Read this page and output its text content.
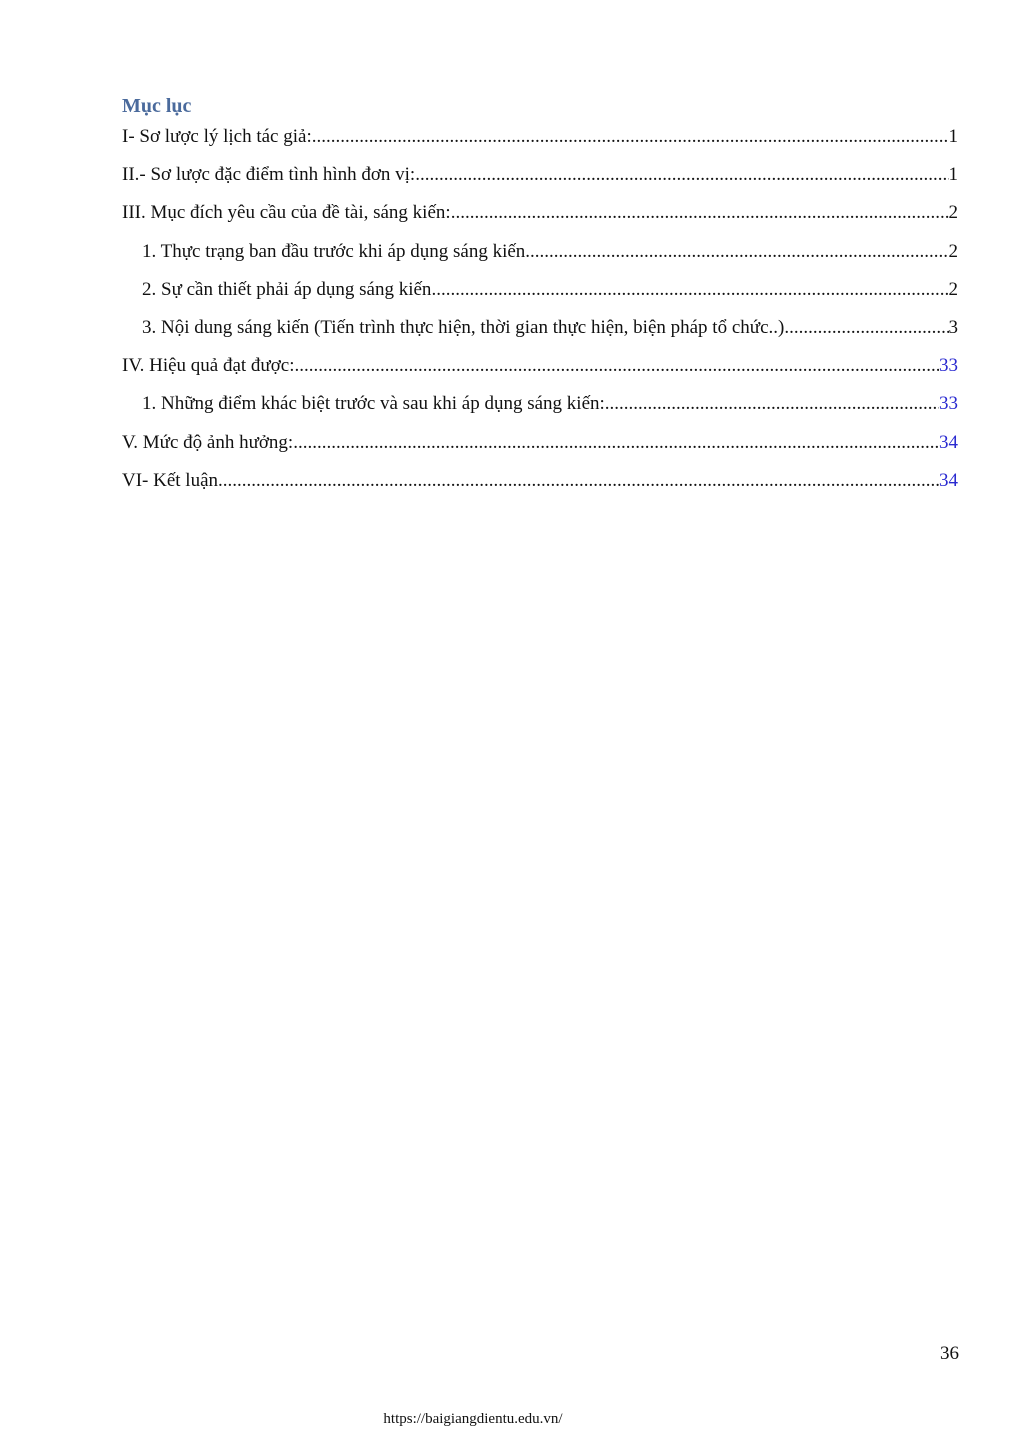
Mục lục
I- Sơ lược lý lịch tác giả: .....	1
II.- Sơ lược đặc điểm tình hình đơn vị: .....	1
III. Mục đích yêu cầu của đề tài, sáng kiến: .....	2
1. Thực trạng ban đầu trước khi áp dụng sáng kiến .....	2
2. Sự cần thiết phải áp dụng sáng kiến .....	2
3. Nội dung sáng kiến (Tiến trình thực hiện, thời gian thực hiện, biện pháp tổ chức..) .....	3
IV. Hiệu quả đạt được: .....	33
1. Những điểm khác biệt trước và sau khi áp dụng sáng kiến: .....	33
V. Mức độ ảnh hưởng: .....	34
VI- Kết luận .....	34

36

https://baigiangdientu.edu.vn/
